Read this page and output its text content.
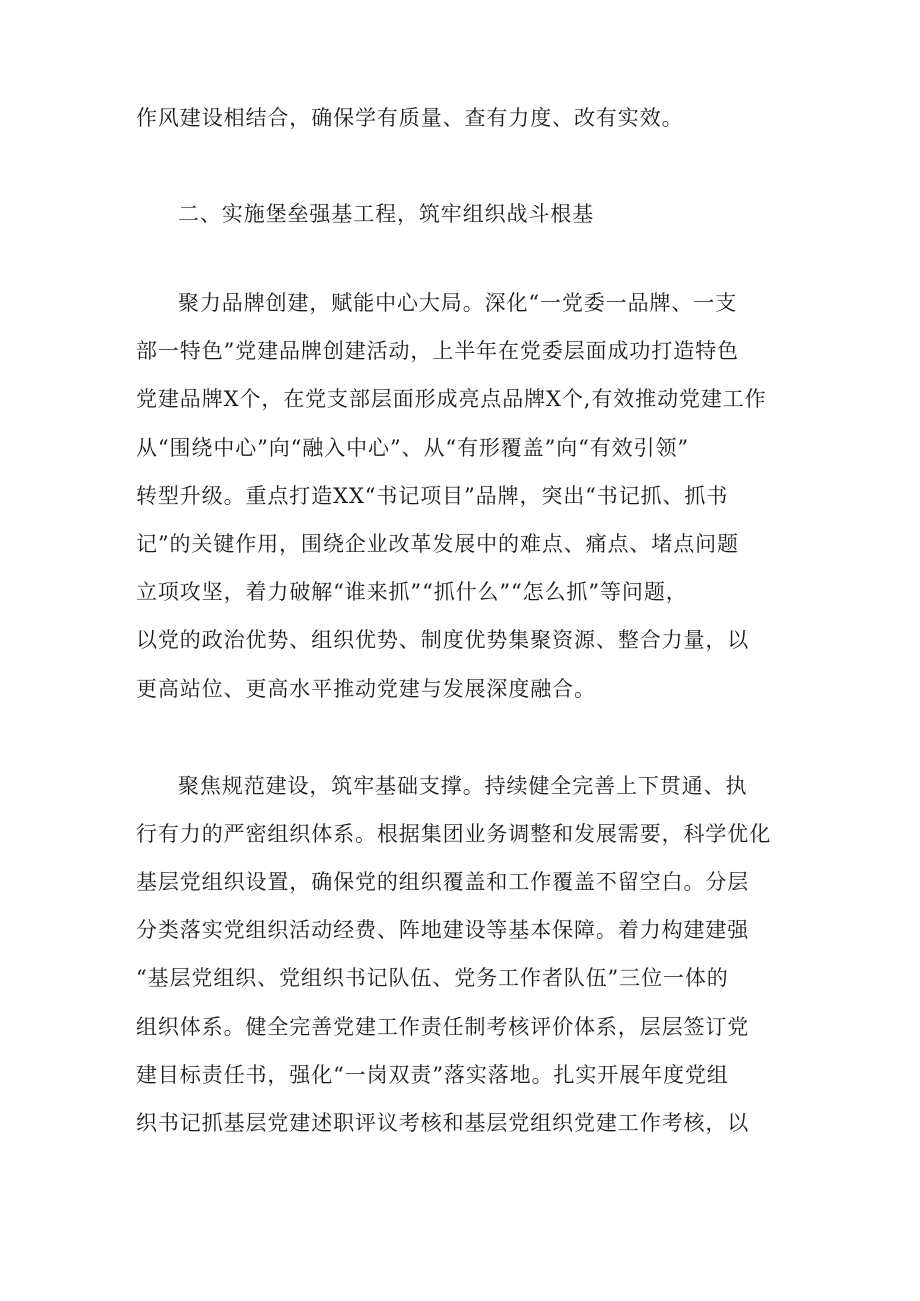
作风建设相结合，确保学有质量、查有力度、改有实效。
二、实施堡垒强基工程，筑牢组织战斗根基
聚力品牌创建，赋能中心大局。深化“一党委一品牌、一支
部一特色”党建品牌创建活动，上半年在党委层面成功打造特色
党建品牌X个，在党支部层面形成亮点品牌X个,有效推动党建工作
从“围绕中心”向“融入中心”、从“有形覆盖”向“有效引领”
转型升级。重点打造XX“书记项目”品牌，突出“书记抓、抓书
记”的关键作用，围绕企业改革发展中的难点、痛点、堵点问题
立项攻坚，着力破解“谁来抓”“抓什么”“怎么抓”等问题，
以党的政治优势、组织优势、制度优势集聚资源、整合力量，以
更高站位、更高水平推动党建与发展深度融合。
聚焦规范建设，筑牢基础支撑。持续健全完善上下贯通、执
行有力的严密组织体系。根据集团业务调整和发展需要，科学优化
基层党组织设置，确保党的组织覆盖和工作覆盖不留空白。分层
分类落实党组织活动经费、阵地建设等基本保障。着力构建建强
“基层党组织、党组织书记队伍、党务工作者队伍”三位一体的
组织体系。健全完善党建工作责任制考核评价体系，层层签订党
建目标责任书，强化“一岗双责”落实落地。扎实开展年度党组
织书记抓基层党建述职评议考核和基层党组织党建工作考核，以
